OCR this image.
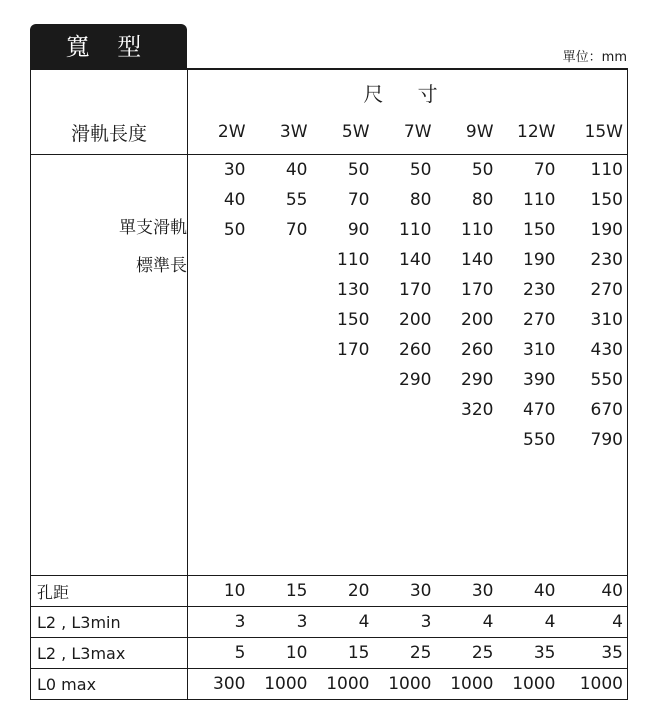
寬 型	單位：mm
	尺 寸						
滑軌長度	2W	3W	5W	7W	9W	12W	15W

單支滑軌
標準長	30	40	50	50	50	70	110
	40	55	70	80	80	110	150
	50	70	90	110	110	150	190
			110	140	140	190	230
			130	170	170	230	270
			150	200	200	270	310
			170	260	260	310	430
				290	290	390	550
					320	470	670
						550	790

孔距	10	15	20	30	30	40	40
L2 , L3min	3	3	4	3	4	4	4
L2 , L3max	5	10	15	25	25	35	35
L0 max	300	1000	1000	1000	1000	1000	1000
